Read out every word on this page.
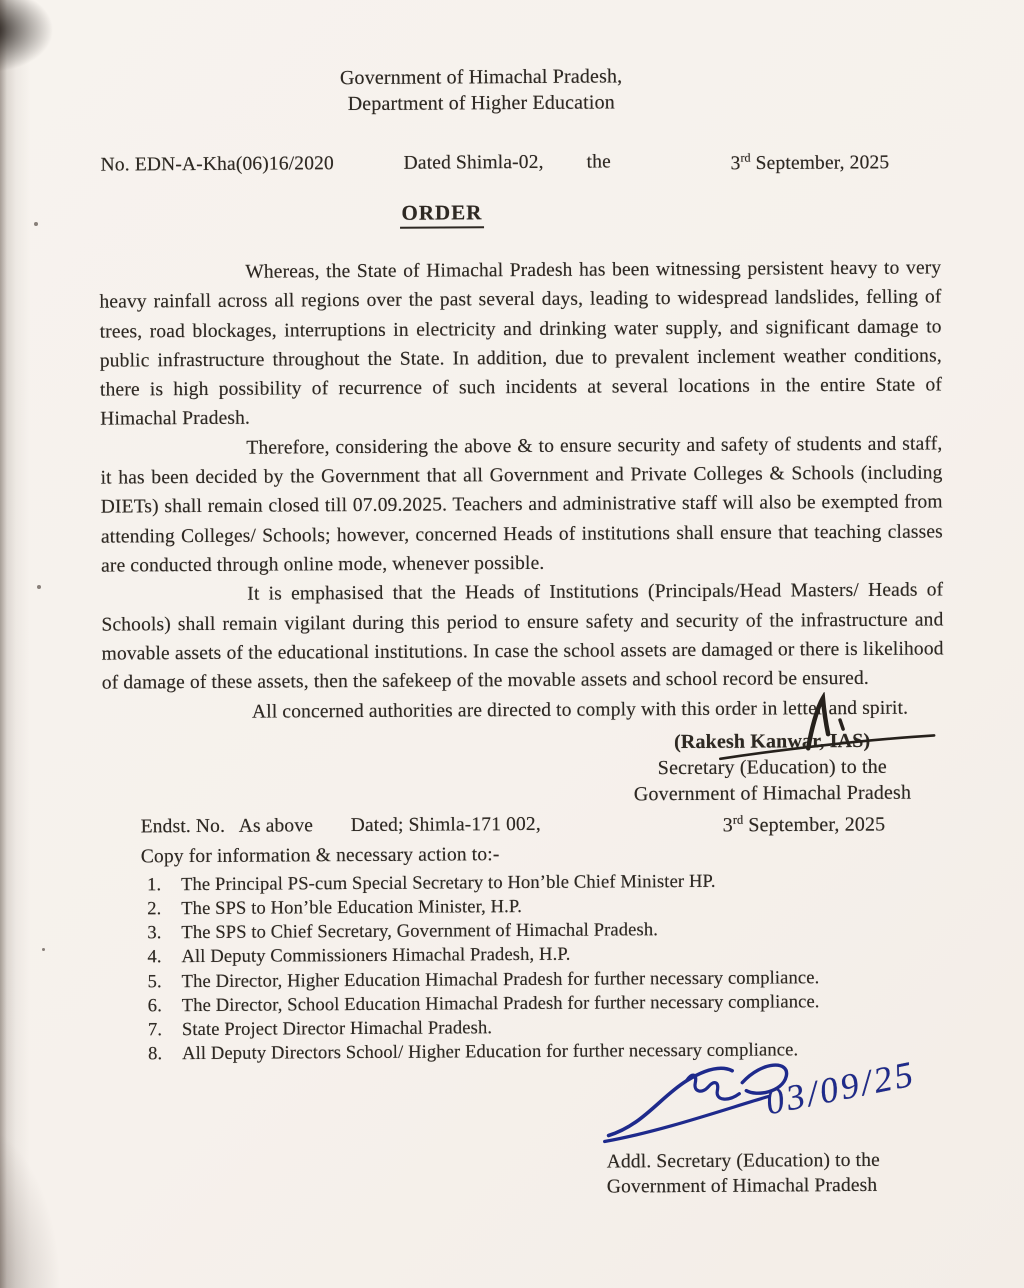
Government of Himachal Pradesh,
Department of Higher Education
No. EDN-A-Kha(06)16/2020	Dated Shimla-02, the	3rd September, 2025
ORDER

Whereas, the State of Himachal Pradesh has been witnessing persistent heavy to very heavy rainfall across all regions over the past several days, leading to widespread landslides, felling of trees, road blockages, interruptions in electricity and drinking water supply, and significant damage to public infrastructure throughout the State. In addition, due to prevalent inclement weather conditions, there is high possibility of recurrence of such incidents at several locations in the entire State of Himachal Pradesh.

Therefore, considering the above & to ensure security and safety of students and staff, it has been decided by the Government that all Government and Private Colleges & Schools (including DIETs) shall remain closed till 07.09.2025. Teachers and administrative staff will also be exempted from attending Colleges/ Schools; however, concerned Heads of institutions shall ensure that teaching classes are conducted through online mode, whenever possible.

It is emphasised that the Heads of Institutions (Principals/Head Masters/ Heads of Schools) shall remain vigilant during this period to ensure safety and security of the infrastructure and movable assets of the educational institutions. In case the school assets are damaged or there is likelihood of damage of these assets, then the safekeep of the movable assets and school record be ensured.

All concerned authorities are directed to comply with this order in letter and spirit.

(Rakesh Kanwar, IAS)
Secretary (Education) to the
Government of Himachal Pradesh
Endst. No. As above Dated; Shimla-171 002,	3rd September, 2025

Copy for information & necessary action to:-

1.	The Principal PS-cum Special Secretary to Hon’ble Chief Minister HP.
2.	The SPS to Hon’ble Education Minister, H.P.
3.	The SPS to Chief Secretary, Government of Himachal Pradesh.
4.	All Deputy Commissioners Himachal Pradesh, H.P.
5.	The Director, Higher Education Himachal Pradesh for further necessary compliance.
6.	The Director, School Education Himachal Pradesh for further necessary compliance.
7.	State Project Director Himachal Pradesh.
8.	All Deputy Directors School/ Higher Education for further necessary compliance.
03/09/25
Addl. Secretary (Education) to the
Government of Himachal Pradesh
